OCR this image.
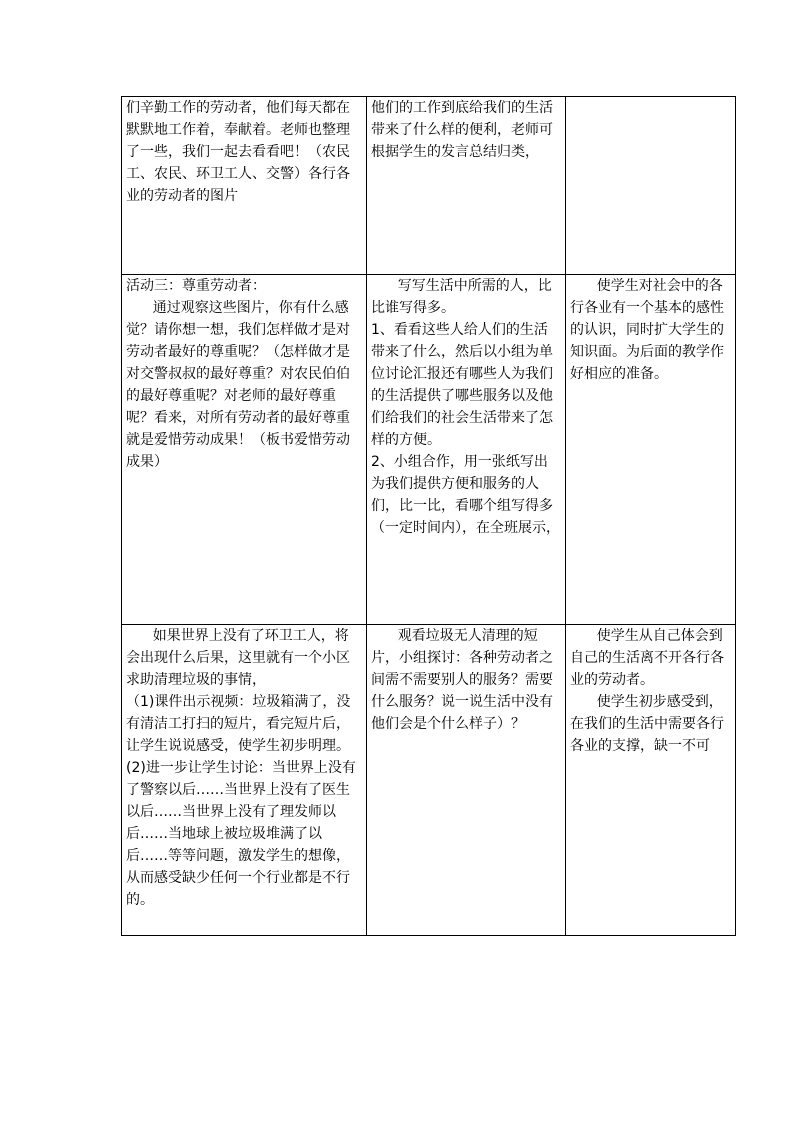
们辛勤工作的劳动者，他们每天都在默默地工作着，奉献着。老师也整理了一些，我们一起去看看吧！（农民工、农民、环卫工人、交警）各行各业的劳动者的图片	他们的工作到底给我们的生活带来了什么样的便利，老师可根据学生的发言总结归类，	

活动三：尊重劳动者：
通过观察这些图片，你有什么感觉？请你想一想，我们怎样做才是对劳动者最好的尊重呢？（怎样做才是对交警叔叔的最好尊重？对农民伯伯的最好尊重呢？对老师的最好尊重呢？看来，对所有劳动者的最好尊重就是爱惜劳动成果！（板书爱惜劳动成果）	写写生活中所需的人，比比谁写得多。
1、看看这些人给人们的生活带来了什么，然后以小组为单位讨论汇报还有哪些人为我们的生活提供了哪些服务以及他们给我们的社会生活带来了怎样的方便。
2、小组合作，用一张纸写出为我们提供方便和服务的人们，比一比，看哪个组写得多（一定时间内），在全班展示，	使学生对社会中的各行各业有一个基本的感性的认识，同时扩大学生的知识面。为后面的教学作好相应的准备。

如果世界上没有了环卫工人，将会出现什么后果，这里就有一个小区求助清理垃圾的事情，
（1)课件出示视频：垃圾箱满了，没有清洁工打扫的短片，看完短片后，让学生说说感受，使学生初步明理。
(2)进一步让学生讨论：当世界上没有了警察以后……当世界上没有了医生以后……当世界上没有了理发师以后……当地球上被垃圾堆满了以后……等等问题，激发学生的想像，从而感受缺少任何一个行业都是不行的。	观看垃圾无人清理的短片，小组探讨：各种劳动者之间需不需要别人的服务？需要什么服务？说一说生活中没有他们会是个什么样子）？	使学生从自己体会到自己的生活离不开各行各业的劳动者。
使学生初步感受到，在我们的生活中需要各行各业的支撑，缺一不可
